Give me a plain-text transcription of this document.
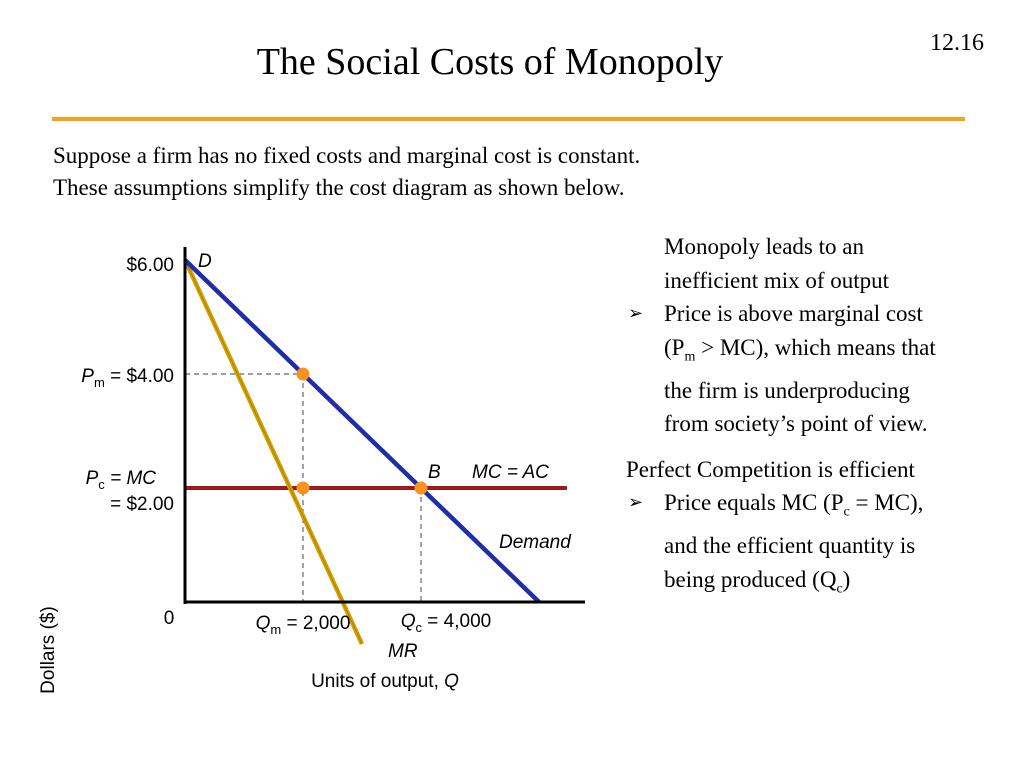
12.16
The Social Costs of Monopoly
Suppose a firm has no fixed costs and marginal cost is constant.
These assumptions simplify the cost diagram as shown below.
Dollars ($)
$6.00
$P_m$ = $4.00
$P_c$ = MC
= $2.00
0	$Q_m = 2,000$	$Q_c = 4,000$
Units of output, Q
D
B MC = AC
Demand
MR
Monopoly leads to an
inefficient mix of output
➢ Price is above marginal cost
$(P_m > MC)$, which means that
the firm is underproducing
from society’s point of view.
Perfect Competition is efficient
➢ Price equals MC $(P_c = MC)$,
and the efficient quantity is
being produced $(Q_c)$
